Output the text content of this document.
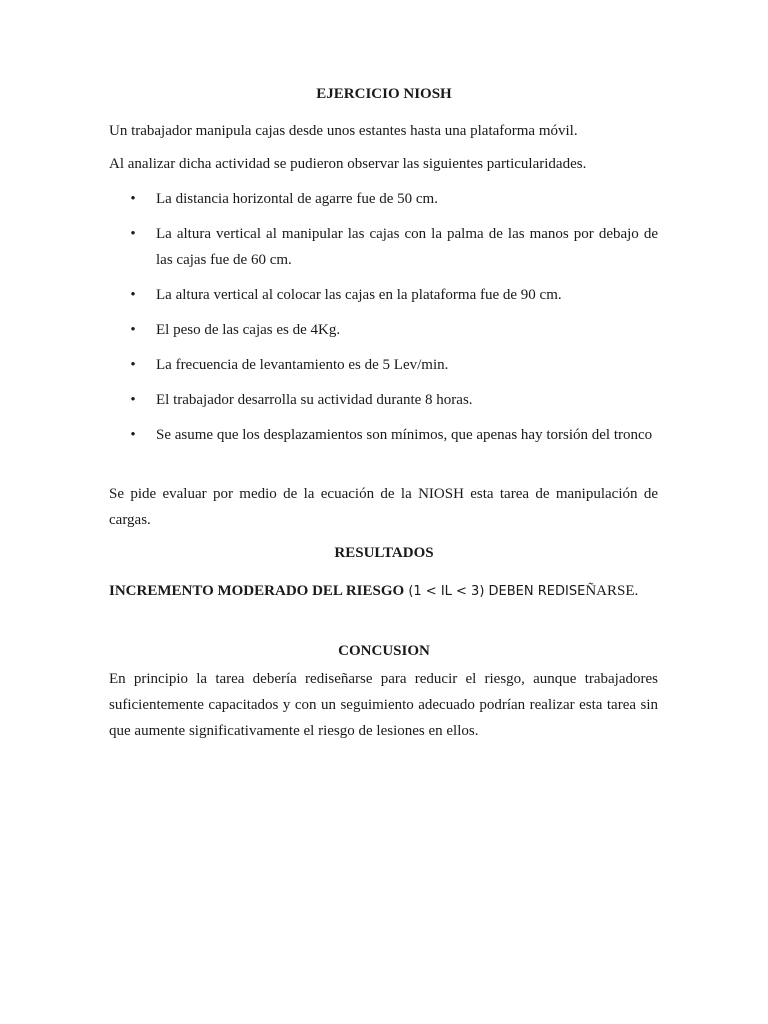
EJERCICIO NIOSH
Un trabajador manipula cajas desde unos estantes hasta una plataforma móvil.
Al analizar dicha actividad se pudieron observar las siguientes particularidades.
• La distancia horizontal de agarre fue de 50 cm.
• La altura vertical al manipular las cajas con la palma de las manos por debajo de las cajas fue de 60 cm.
• La altura vertical al colocar las cajas en la plataforma fue de 90 cm.
• El peso de las cajas es de 4Kg.
• La frecuencia de levantamiento es de 5 Lev/min.
• El trabajador desarrolla su actividad durante 8 horas.
• Se asume que los desplazamientos son mínimos, que apenas hay torsión del tronco
Se pide evaluar por medio de la ecuación de la NIOSH esta tarea de manipulación de cargas.
RESULTADOS
INCREMENTO MODERADO DEL RIESGO (1 < IL < 3) DEBEN REDISEÑARSE.
CONCUSION
En principio la tarea debería rediseñarse para reducir el riesgo, aunque trabajadores suficientemente capacitados y con un seguimiento adecuado podrían realizar esta tarea sin que aumente significativamente el riesgo de lesiones en ellos.
